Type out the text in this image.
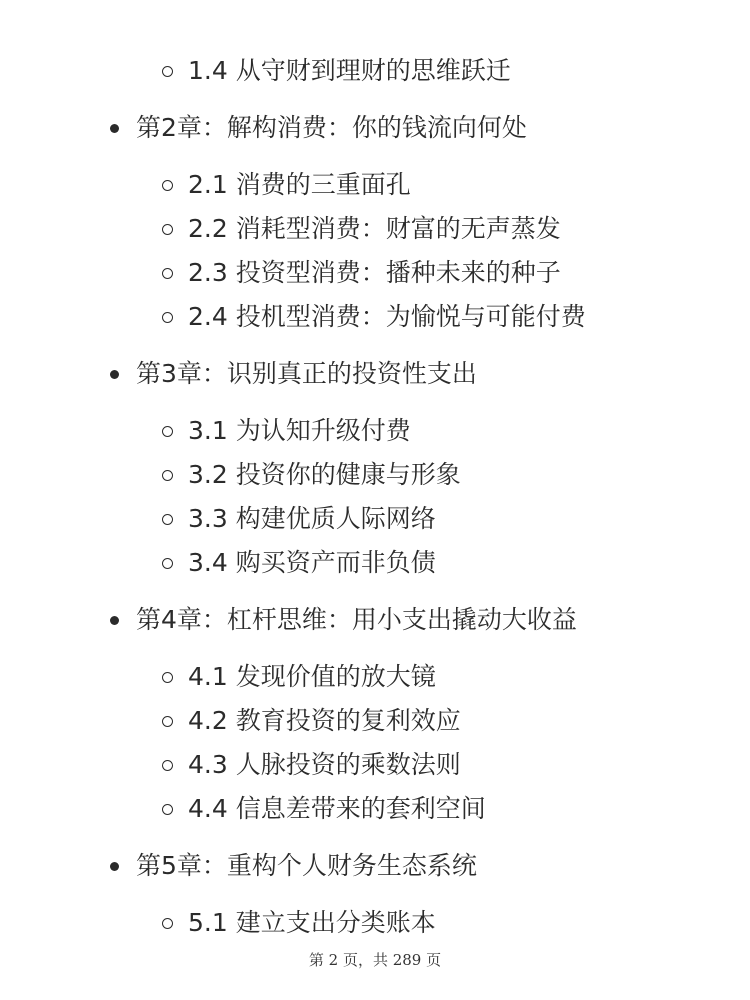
1.4 从守财到理财的思维跃迁
第2章：解构消费：你的钱流向何处
2.1 消费的三重面孔
2.2 消耗型消费：财富的无声蒸发
2.3 投资型消费：播种未来的种子
2.4 投机型消费：为愉悦与可能付费
第3章：识别真正的投资性支出
3.1 为认知升级付费
3.2 投资你的健康与形象
3.3 构建优质人际网络
3.4 购买资产而非负债
第4章：杠杆思维：用小支出撬动大收益
4.1 发现价值的放大镜
4.2 教育投资的复利效应
4.3 人脉投资的乘数法则
4.4 信息差带来的套利空间
第5章：重构个人财务生态系统
5.1 建立支出分类账本
第 2 页，共 289 页
